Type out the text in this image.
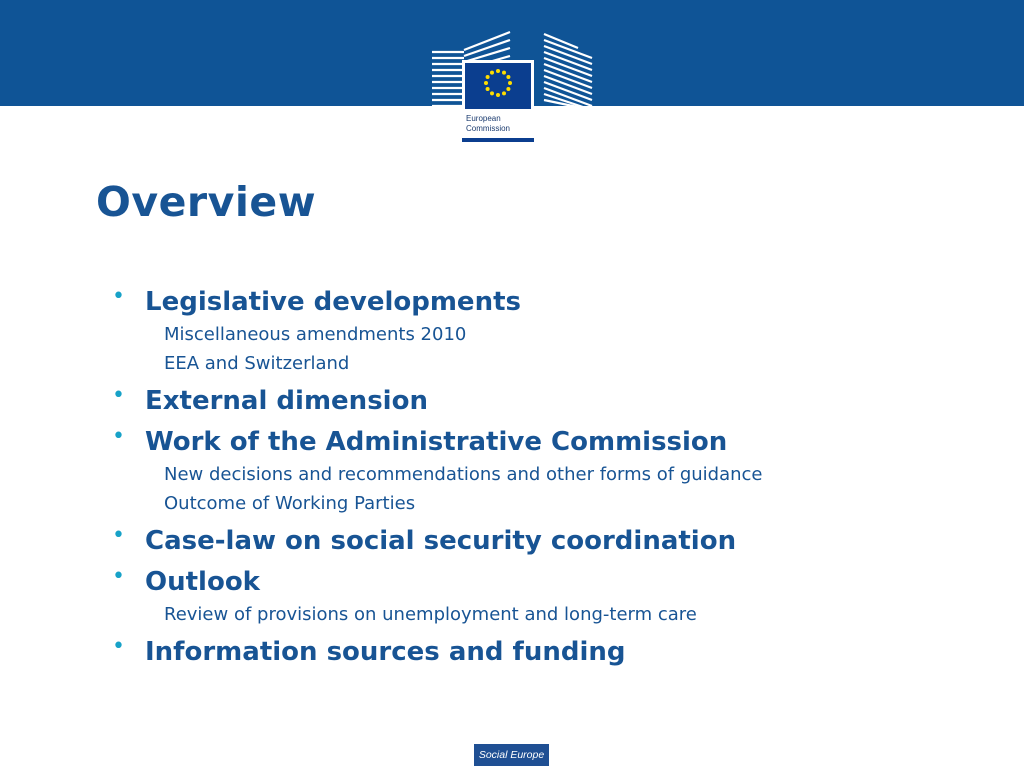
European
Commission
Overview
• Legislative developments
Miscellaneous amendments 2010
EEA and Switzerland
• External dimension
• Work of the Administrative Commission
New decisions and recommendations and other forms of guidance
Outcome of Working Parties
• Case-law on social security coordination
• Outlook
Review of provisions on unemployment and long-term care
• Information sources and funding
Social Europe
